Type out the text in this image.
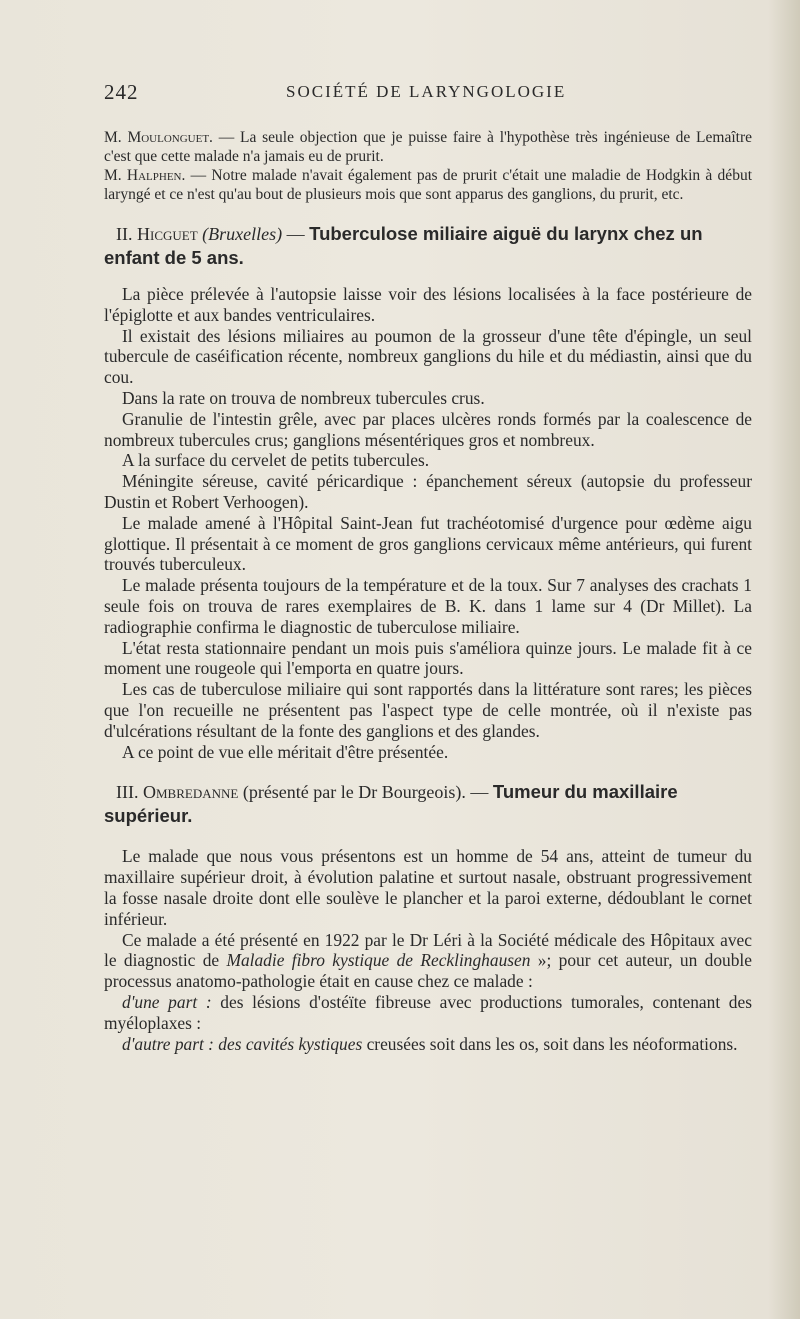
242	SOCIÉTÉ DE LARYNGOLOGIE

M. Moulonguet. — La seule objection que je puisse faire à l'hypothèse très ingénieuse de Lemaître c'est que cette malade n'a jamais eu de prurit.

M. Halphen. — Notre malade n'avait également pas de prurit c'était une maladie de Hodgkin à début laryngé et ce n'est qu'au bout de plusieurs mois que sont apparus des ganglions, du prurit, etc.

II. Hicguet (Bruxelles) — Tuberculose miliaire aiguë du larynx chez un enfant de 5 ans.

La pièce prélevée à l'autopsie laisse voir des lésions localisées à la face postérieure de l'épiglotte et aux bandes ventriculaires.

Il existait des lésions miliaires au poumon de la grosseur d'une tête d'épingle, un seul tubercule de caséification récente, nombreux ganglions du hile et du médiastin, ainsi que du cou.

Dans la rate on trouva de nombreux tubercules crus.

Granulie de l'intestin grêle, avec par places ulcères ronds formés par la coalescence de nombreux tubercules crus; ganglions mésentériques gros et nombreux.

A la surface du cervelet de petits tubercules.

Méningite séreuse, cavité péricardique : épanchement séreux (autopsie du professeur Dustin et Robert Verhoogen).

Le malade amené à l'Hôpital Saint-Jean fut trachéotomisé d'urgence pour œdème aigu glottique. Il présentait à ce moment de gros ganglions cervicaux même antérieurs, qui furent trouvés tuberculeux.

Le malade présenta toujours de la température et de la toux. Sur 7 analyses des crachats 1 seule fois on trouva de rares exemplaires de B. K. dans 1 lame sur 4 (Dr Millet). La radiographie confirma le diagnostic de tuberculose miliaire.

L'état resta stationnaire pendant un mois puis s'améliora quinze jours. Le malade fit à ce moment une rougeole qui l'emporta en quatre jours.

Les cas de tuberculose miliaire qui sont rapportés dans la littérature sont rares; les pièces que l'on recueille ne présentent pas l'aspect type de celle montrée, où il n'existe pas d'ulcérations résultant de la fonte des ganglions et des glandes.

A ce point de vue elle méritait d'être présentée.

III. Ombredanne (présenté par le Dr Bourgeois). — Tumeur du maxillaire supérieur.

Le malade que nous vous présentons est un homme de 54 ans, atteint de tumeur du maxillaire supérieur droit, à évolution palatine et surtout nasale, obstruant progressivement la fosse nasale droite dont elle soulève le plancher et la paroi externe, dédoublant le cornet inférieur.

Ce malade a été présenté en 1922 par le Dr Léri à la Société médicale des Hôpitaux avec le diagnostic de Maladie fibro kystique de Recklinghausen »; pour cet auteur, un double processus anatomo-pathologie était en cause chez ce malade :

d'une part : des lésions d'ostéïte fibreuse avec productions tumorales, contenant des myéloplaxes :

d'autre part : des cavités kystiques creusées soit dans les os, soit dans les néoformations.
